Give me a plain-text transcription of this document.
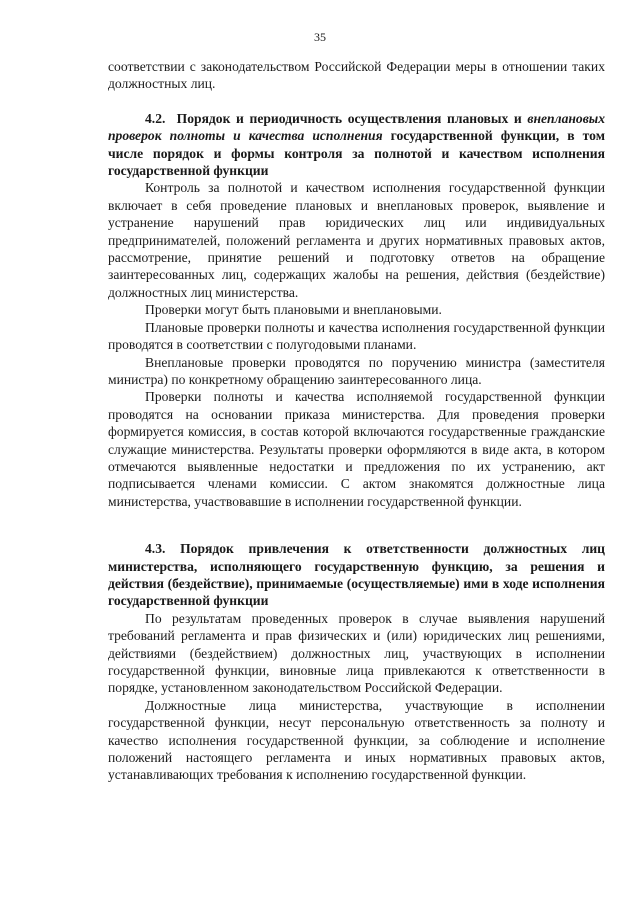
35

соответствии с законодательством Российской Федерации меры в отношении таких должностных лиц.

4.2. Порядок и периодичность осуществления плановых и внеплановых проверок полноты и качества исполнения государственной функции, в том числе порядок и формы контроля за полнотой и качеством исполнения государственной функции

Контроль за полнотой и качеством исполнения государственной функции включает в себя проведение плановых и внеплановых проверок, выявление и устранение нарушений прав юридических лиц или индивидуальных предпринимателей, положений регламента и других нормативных правовых актов, рассмотрение, принятие решений и подготовку ответов на обращение заинтересованных лиц, содержащих жалобы на решения, действия (бездействие) должностных лиц министерства.

Проверки могут быть плановыми и внеплановыми.

Плановые проверки полноты и качества исполнения государственной функции проводятся в соответствии с полугодовыми планами.

Внеплановые проверки проводятся по поручению министра (заместителя министра) по конкретному обращению заинтересованного лица.

Проверки полноты и качества исполняемой государственной функции проводятся на основании приказа министерства. Для проведения проверки формируется комиссия, в состав которой включаются государственные гражданские служащие министерства. Результаты проверки оформляются в виде акта, в котором отмечаются выявленные недостатки и предложения по их устранению, акт подписывается членами комиссии. С актом знакомятся должностные лица министерства, участвовавшие в исполнении государственной функции.

4.3. Порядок привлечения к ответственности должностных лиц министерства, исполняющего государственную функцию, за решения и действия (бездействие), принимаемые (осуществляемые) ими в ходе исполнения государственной функции

По результатам проведенных проверок в случае выявления нарушений требований регламента и прав физических и (или) юридических лиц решениями, действиями (бездействием) должностных лиц, участвующих в исполнении государственной функции, виновные лица привлекаются к ответственности в порядке, установленном законодательством Российской Федерации.

Должностные лица министерства, участвующие в исполнении государственной функции, несут персональную ответственность за полноту и качество исполнения государственной функции, за соблюдение и исполнение положений настоящего регламента и иных нормативных правовых актов, устанавливающих требования к исполнению государственной функции.
